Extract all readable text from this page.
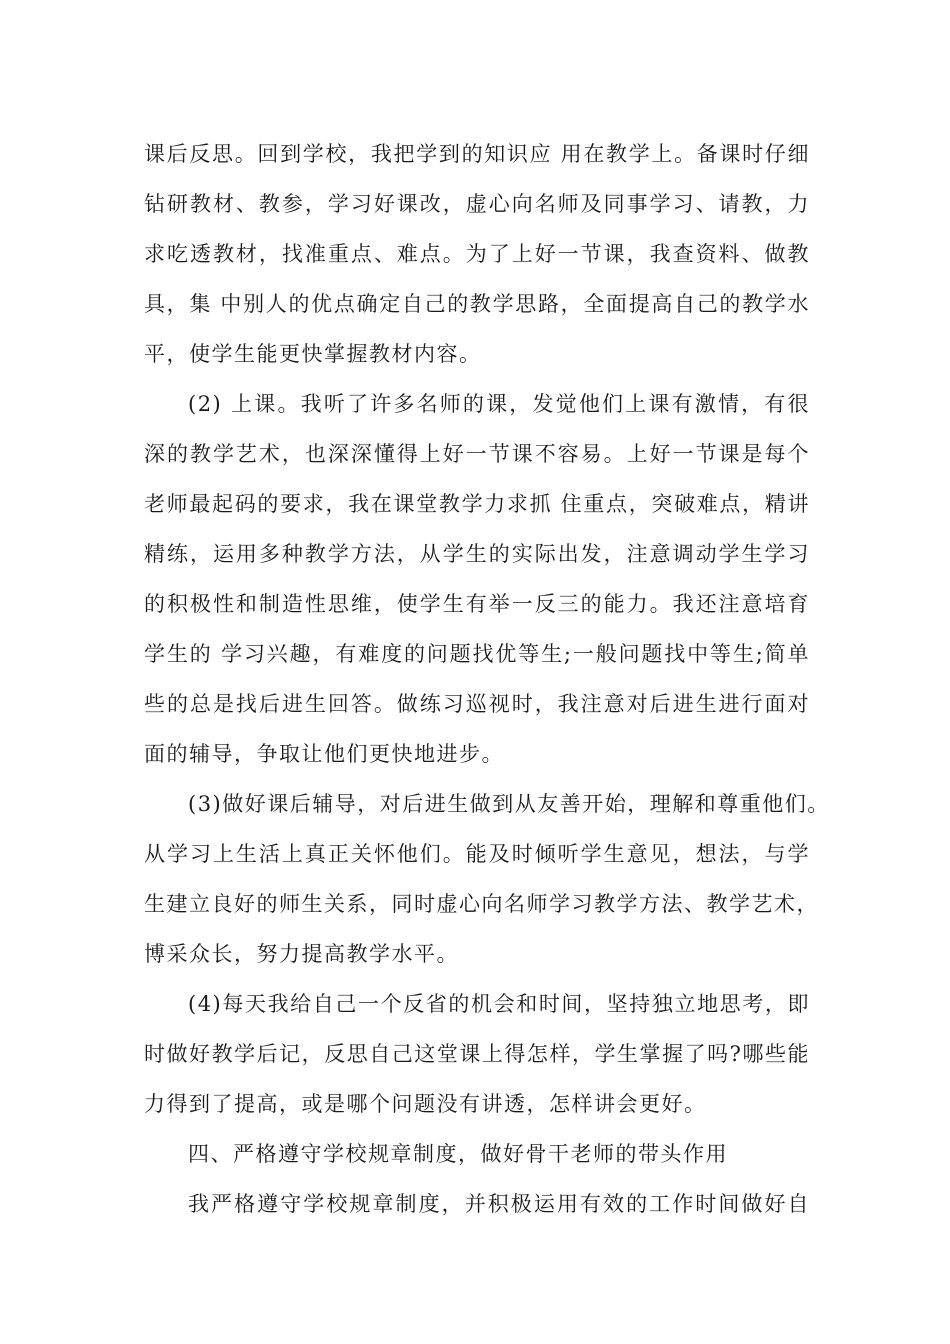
课后反思。回到学校，我把学到的知识应 用在教学上。备课时仔细
钻研教材、教参，学习好课改，虚心向名师及同事学习、请教，力
求吃透教材，找准重点、难点。为了上好一节课，我查资料、做教
具，集 中别人的优点确定自己的教学思路，全面提高自己的教学水
平，使学生能更快掌握教材内容。
(2) 上课。我听了许多名师的课，发觉他们上课有激情，有很
深的教学艺术，也深深懂得上好一节课不容易。上好一节课是每个
老师最起码的要求，我在课堂教学力求抓 住重点，突破难点，精讲
精练，运用多种教学方法，从学生的实际出发，注意调动学生学习
的积极性和制造性思维，使学生有举一反三的能力。我还注意培育
学生的 学习兴趣，有难度的问题找优等生;一般问题找中等生;简单
些的总是找后进生回答。做练习巡视时，我注意对后进生进行面对
面的辅导，争取让他们更快地进步。
(3)做好课后辅导，对后进生做到从友善开始，理解和尊重他们。
从学习上生活上真正关怀他们。能及时倾听学生意见，想法，与学
生建立良好的师生关系，同时虚心向名师学习教学方法、教学艺术，
博采众长，努力提高教学水平。
(4)每天我给自己一个反省的机会和时间，坚持独立地思考，即
时做好教学后记，反思自己这堂课上得怎样，学生掌握了吗?哪些能
力得到了提高，或是哪个问题没有讲透，怎样讲会更好。
四、严格遵守学校规章制度，做好骨干老师的带头作用
我严格遵守学校规章制度，并积极运用有效的工作时间做好自
